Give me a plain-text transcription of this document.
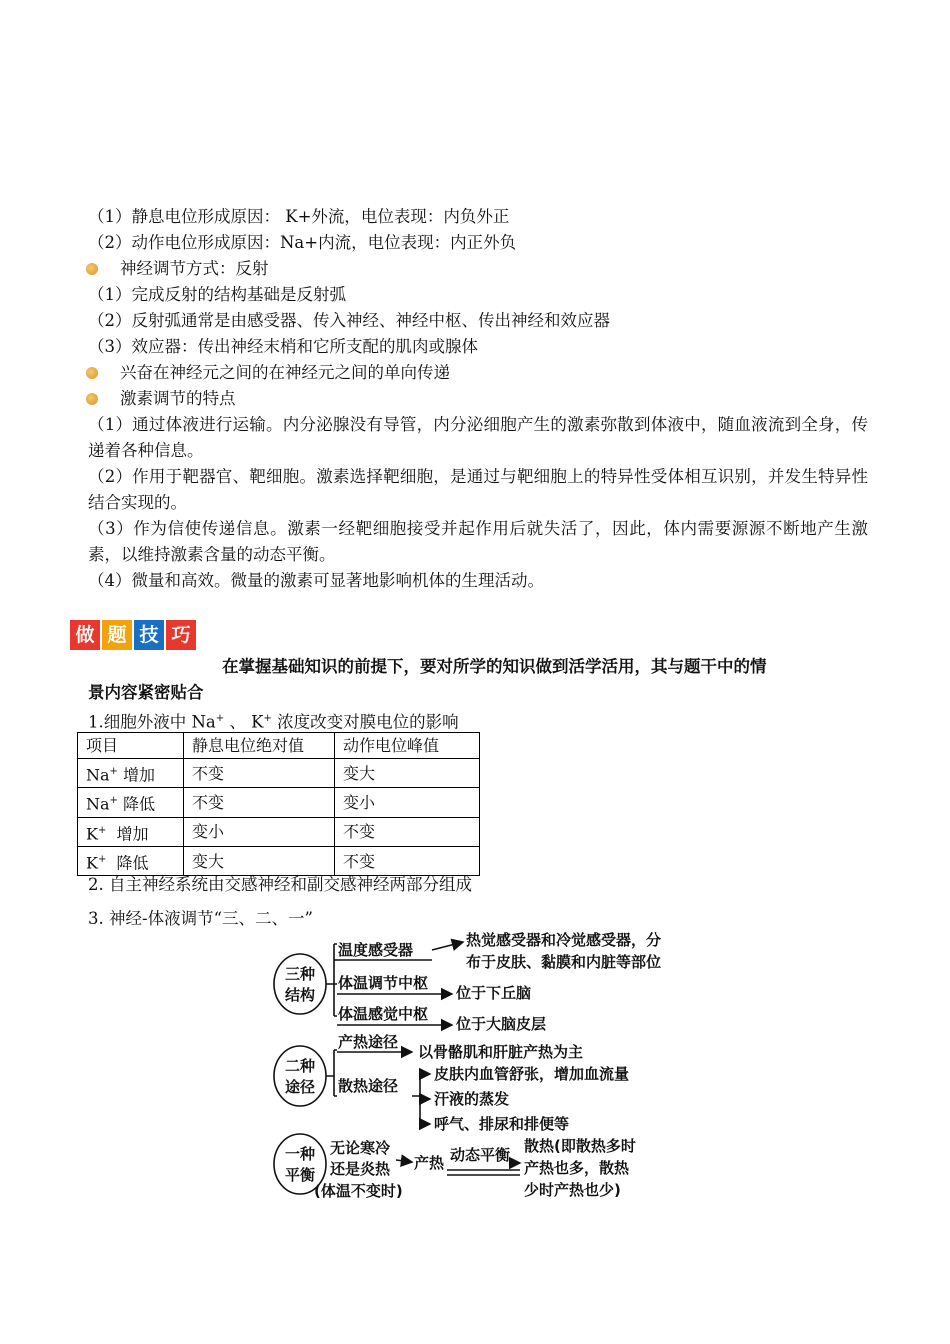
（1）静息电位形成原因： K+外流，电位表现：内负外正
（2）动作电位形成原因：Na+内流，电位表现：内正外负
神经调节方式：反射
（1）完成反射的结构基础是反射弧
（2）反射弧通常是由感受器、传入神经、神经中枢、传出神经和效应器
（3）效应器：传出神经末梢和它所支配的肌肉或腺体
兴奋在神经元之间的在神经元之间的单向传递
激素调节的特点
（1）通过体液进行运输。内分泌腺没有导管，内分泌细胞产生的激素弥散到体液中，随血液流到全身，传递着各种信息。
（2）作用于靶器官、靶细胞。激素选择靶细胞，是通过与靶细胞上的特异性受体相互识别，并发生特异性结合实现的。
（3）作为信使传递信息。激素一经靶细胞接受并起作用后就失活了，因此，体内需要源源不断地产生激素，以维持激素含量的动态平衡。
（4）微量和高效。微量的激素可显著地影响机体的生理活动。
做 题 技 巧
在掌握基础知识的前提下，要对所学的知识做到活学活用，其与题干中的情
景内容紧密贴合
1.细胞外液中 Na+ 、 K+ 浓度改变对膜电位的影响
项目	静息电位绝对值	动作电位峰值
Na+ 增加	不变	变大
Na+ 降低	不变	变小
K+  增加	变小	不变
K+  降低	变大	不变
2. 自主神经系统由交感神经和副交感神经两部分组成
3. 神经-体液调节“三、二、一”
三种
结构
温度感受器
热觉感受器和冷觉感受器，分
布于皮肤、黏膜和内脏等部位
体温调节中枢
位于下丘脑
体温感觉中枢
位于大脑皮层
二种
途径
产热途径
以骨骼肌和肝脏产热为主
散热途径
皮肤内血管舒张，增加血流量
汗液的蒸发
呼气、排尿和排便等
一种
平衡
无论寒冷
还是炎热
(体温不变时)
产热 动态平衡 散热(即散热多时
产热也多，散热
少时产热也少)
